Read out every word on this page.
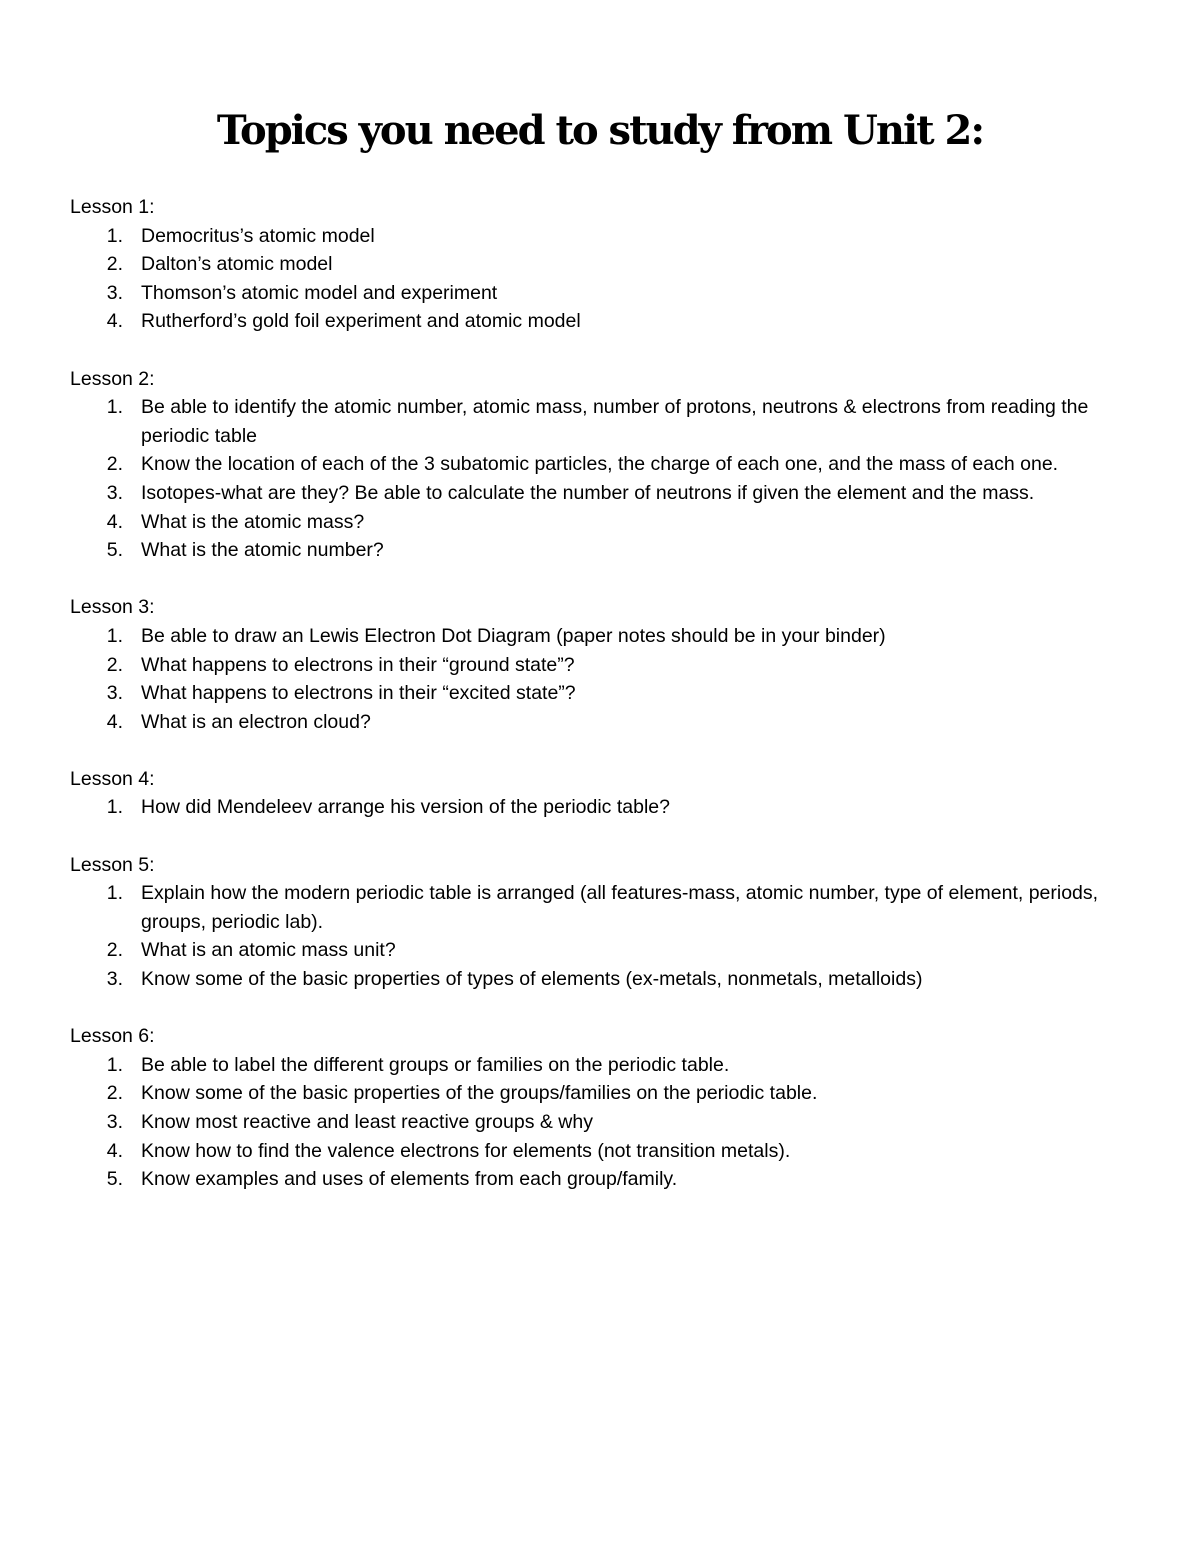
Topics you need to study from Unit 2:

Lesson 1:

1. Democritus’s atomic model
2. Dalton’s atomic model
3. Thomson’s atomic model and experiment
4. Rutherford’s gold foil experiment and atomic model

Lesson 2:

1. Be able to identify the atomic number, atomic mass, number of protons, neutrons & electrons from reading the periodic table
2. Know the location of each of the 3 subatomic particles, the charge of each one, and the mass of each one.
3. Isotopes-what are they? Be able to calculate the number of neutrons if given the element and the mass.
4. What is the atomic mass?
5. What is the atomic number?

Lesson 3:

1. Be able to draw an Lewis Electron Dot Diagram (paper notes should be in your binder)
2. What happens to electrons in their “ground state”?
3. What happens to electrons in their “excited state”?
4. What is an electron cloud?

Lesson 4:

1. How did Mendeleev arrange his version of the periodic table?

Lesson 5:

1. Explain how the modern periodic table is arranged (all features-mass, atomic number, type of element, periods, groups, periodic lab).
2. What is an atomic mass unit?
3. Know some of the basic properties of types of elements (ex-metals, nonmetals, metalloids)

Lesson 6:

1. Be able to label the different groups or families on the periodic table.
2. Know some of the basic properties of the groups/families on the periodic table.
3. Know most reactive and least reactive groups & why
4. Know how to find the valence electrons for elements (not transition metals).
5. Know examples and uses of elements from each group/family.
